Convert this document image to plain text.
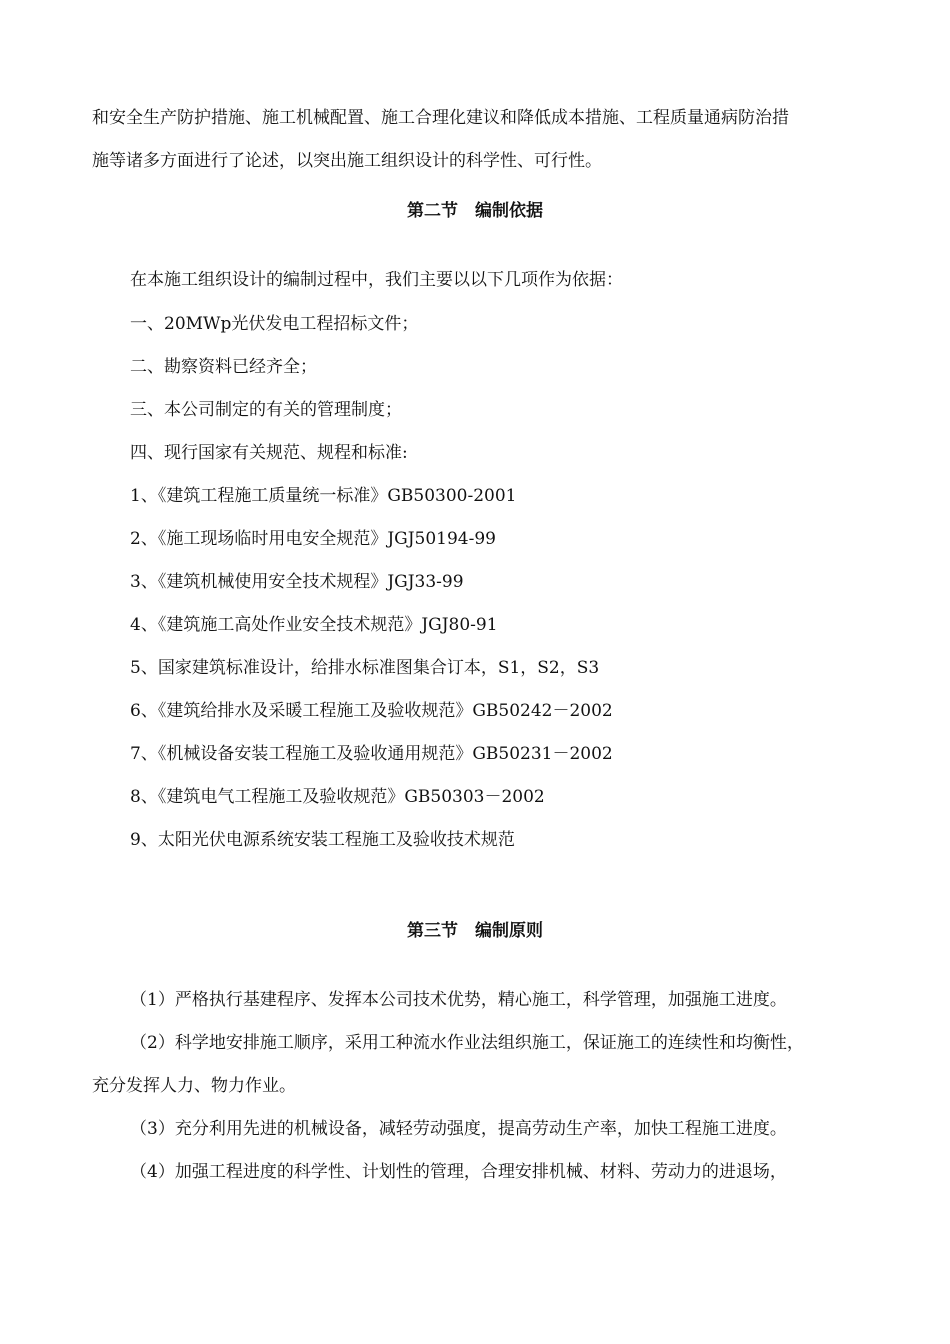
和安全生产防护措施、施工机械配置、施工合理化建议和降低成本措施、工程质量通病防治措
施等诸多方面进行了论述，以突出施工组织设计的科学性、可行性。
第二节　编制依据
在本施工组织设计的编制过程中，我们主要以以下几项作为依据：
一、20MWp光伏发电工程招标文件；
二、勘察资料已经齐全；
三、本公司制定的有关的管理制度；
四、现行国家有关规范、规程和标准:
1、《建筑工程施工质量统一标准》GB50300-2001
2、《施工现场临时用电安全规范》JGJ50194-99
3、《建筑机械使用安全技术规程》JGJ33-99
4、《建筑施工高处作业安全技术规范》JGJ80-91
5、国家建筑标准设计，给排水标准图集合订本，S1，S2，S3
6、《建筑给排水及采暖工程施工及验收规范》GB50242－2002
7、《机械设备安装工程施工及验收通用规范》GB50231－2002
8、《建筑电气工程施工及验收规范》GB50303－2002
9、太阳光伏电源系统安装工程施工及验收技术规范
第三节　编制原则
（1）严格执行基建程序、发挥本公司技术优势，精心施工，科学管理，加强施工进度。
（2）科学地安排施工顺序，采用工种流水作业法组织施工，保证施工的连续性和均衡性，
充分发挥人力、物力作业。
（3）充分利用先进的机械设备，减轻劳动强度，提高劳动生产率，加快工程施工进度。
（4）加强工程进度的科学性、计划性的管理，合理安排机械、材料、劳动力的进退场，
